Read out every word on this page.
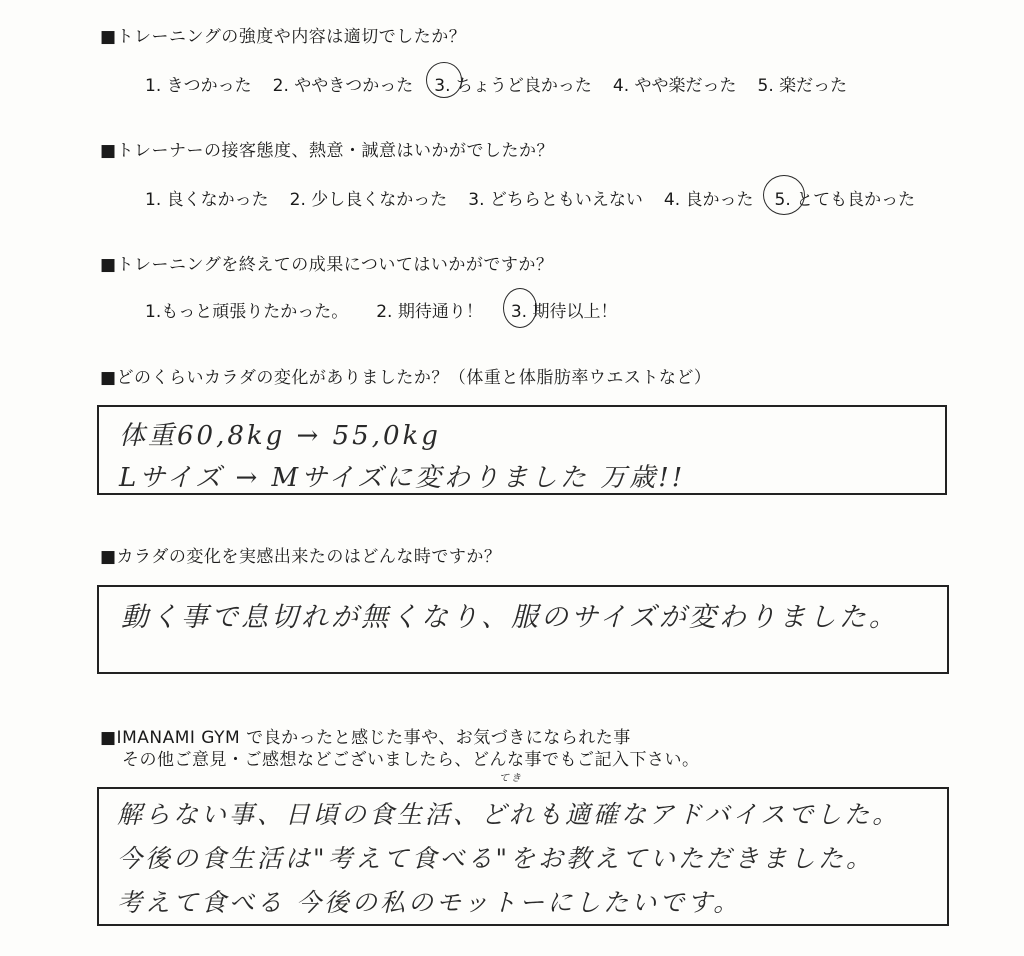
■トレーニングの強度や内容は適切でしたか？
1. きつかった 2. ややきつかった 3. ちょうど良かった 4. やや楽だった 5. 楽だった
■トレーナーの接客態度、熱意・誠意はいかがでしたか？
1. 良くなかった 2. 少し良くなかった 3. どちらともいえない 4. 良かった 5. とても良かった
■トレーニングを終えての成果についてはいかがですか？
1.もっと頑張りたかった。 2. 期待通り！ 3. 期待以上！
■どのくらいカラダの変化がありましたか？（体重と体脂肪率ウエストなど）
体重60,8kg → 55,0kg
Lサイズ → Mサイズに変わりました 万歳!!
■カラダの変化を実感出来たのはどんな時ですか？
動く事で息切れが無くなり、服のサイズが変わりました。
■IMANAMI GYM で良かったと感じた事や、お気づきになられた事
その他ご意見・ご感想などございましたら、どんな事でもご記入下さい。
てき
解らない事、日頃の食生活、どれも適確なアドバイスでした。
今後の食生活は"考えて食べる"をお教えていただきました。
考えて食べる 今後の私のモットーにしたいです。
